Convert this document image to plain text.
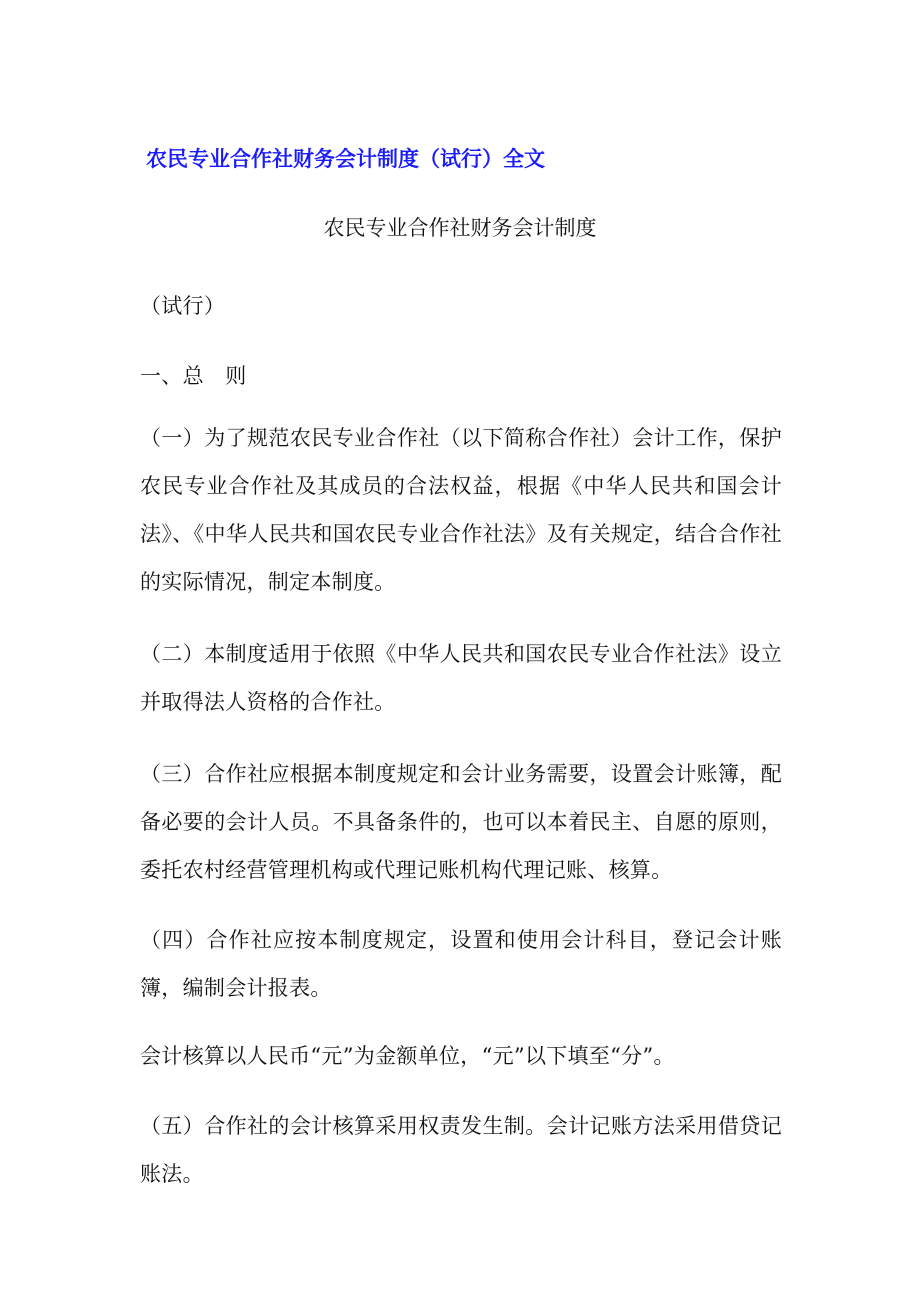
农民专业合作社财务会计制度（试行）全文
农民专业合作社财务会计制度

（试行）

一、总　则

（一）为了规范农民专业合作社（以下简称合作社）会计工作，保护农民专业合作社及其成员的合法权益，根据《中华人民共和国会计法》、《中华人民共和国农民专业合作社法》及有关规定，结合合作社的实际情况，制定本制度。

（二）本制度适用于依照《中华人民共和国农民专业合作社法》设立并取得法人资格的合作社。

（三）合作社应根据本制度规定和会计业务需要，设置会计账簿，配备必要的会计人员。不具备条件的，也可以本着民主、自愿的原则，委托农村经营管理机构或代理记账机构代理记账、核算。

（四）合作社应按本制度规定，设置和使用会计科目，登记会计账簿，编制会计报表。

会计核算以人民币“元”为金额单位，“元”以下填至“分”。

（五）合作社的会计核算采用权责发生制。会计记账方法采用借贷记账法。
